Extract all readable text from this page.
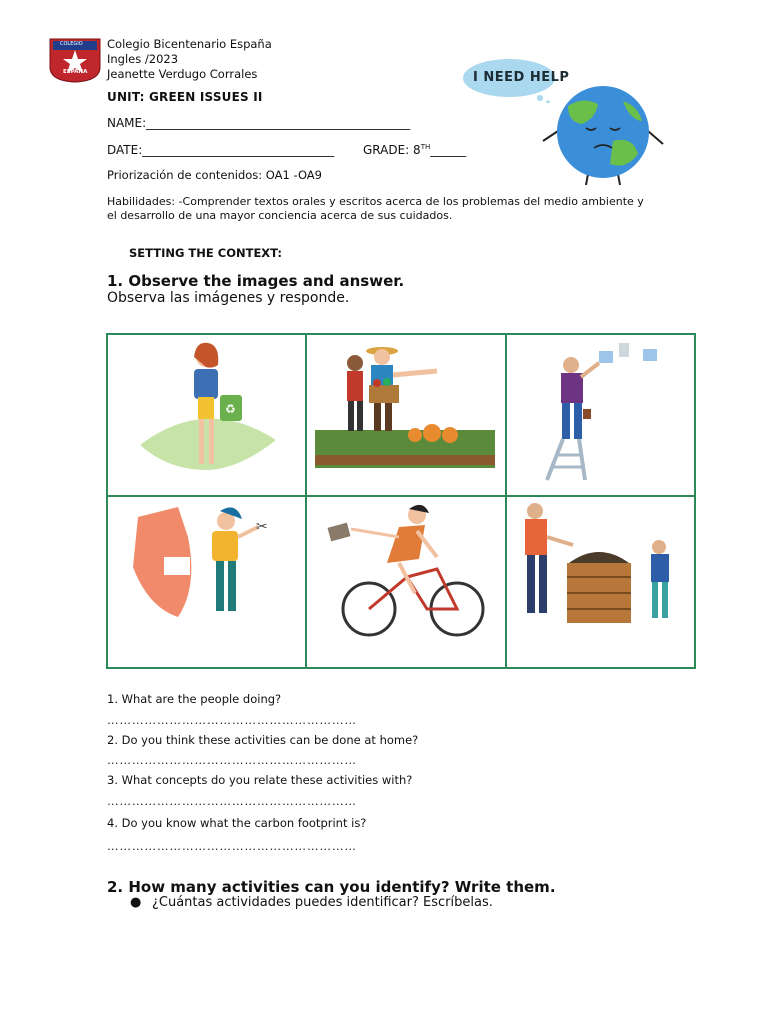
COLEGIO
ESPAÑA
Colegio Bicentenario España
Ingles /2023
Jeanette Verdugo Corrales	I NEED HELP
UNIT: GREEN ISSUES II
NAME:____________________________________________
DATE:________________________________ GRADE: 8TH______
Priorización de contenidos: OA1 -OA9
Habilidades: -Comprender textos orales y escritos acerca de los problemas del medio ambiente y
el desarrollo de una mayor conciencia acerca de sus cuidados.
SETTING THE CONTEXT:
1. Observe the images and answer.
Observa las imágenes y responde.
♻
✂
1. What are the people doing?
……………………………………………………
2. Do you think these activities can be done at home?
……………………………………………………
3. What concepts do you relate these activities with?
……………………………………………………
4. Do you know what the carbon footprint is?
……………………………………………………
2. How many activities can you identify? Write them.
● ¿Cuántas actividades puedes identificar? Escríbelas.
